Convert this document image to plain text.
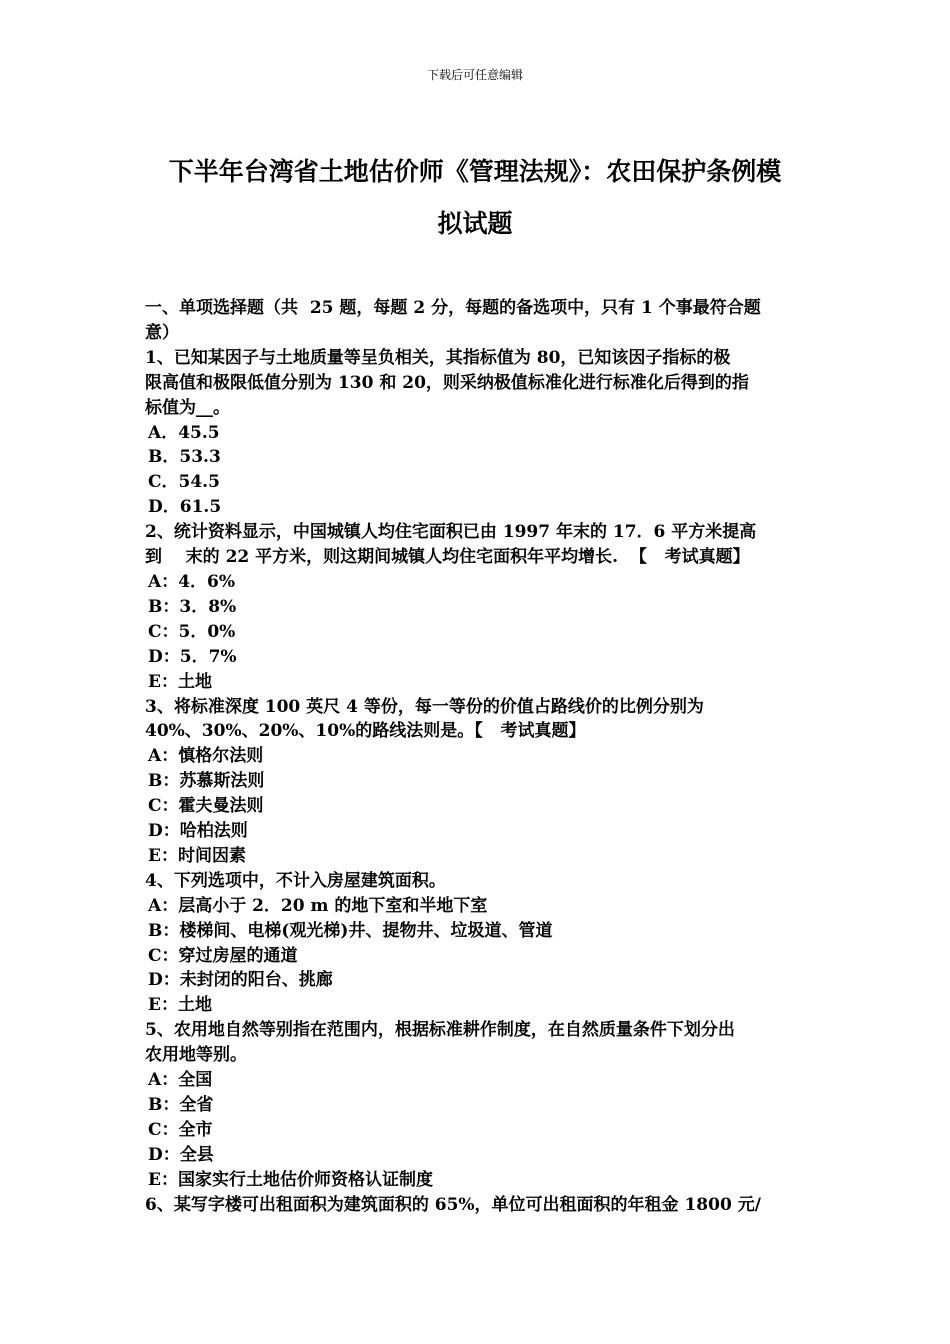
下载后可任意编辑
下半年台湾省土地估价师《管理法规》：农田保护条例模
拟试题
一、单项选择题（共  25 题，每题 2 分，每题的备选项中，只有 1 个事最符合题
意）
1、已知某因子与土地质量等呈负相关，其指标值为 80，已知该因子指标的极
限高值和极限低值分别为 130 和 20，则采纳极值标准化进行标准化后得到的指
标值为__。
A．45.5
B．53.3
C．54.5
D．61.5
2、统计资料显示，中国城镇人均住宅面积已由 1997 年末的 17．6 平方米提高
到    末的 22 平方米，则这期间城镇人均住宅面积年平均增长.  【   考试真题】
A：4．6%
B：3．8%
C：5．0%
D：5．7%
E：土地
3、将标准深度 100 英尺 4 等份，每一等份的价值占路线价的比例分别为
40%、30%、20%、10%的路线法则是。【   考试真题】
A：慎格尔法则
B：苏慕斯法则
C：霍夫曼法则
D：哈柏法则
E：时间因素
4、下列选项中，不计入房屋建筑面积。
A：层高小于 2．20 m 的地下室和半地下室
B：楼梯间、电梯(观光梯)井、提物井、垃圾道、管道
C：穿过房屋的通道
D：未封闭的阳台、挑廊
E：土地
5、农用地自然等别指在范围内，根据标准耕作制度，在自然质量条件下划分出
农用地等别。
A：全国
B：全省
C：全市
D：全县
E：国家实行土地估价师资格认证制度
6、某写字楼可出租面积为建筑面积的 65%，单位可出租面积的年租金 1800 元/
